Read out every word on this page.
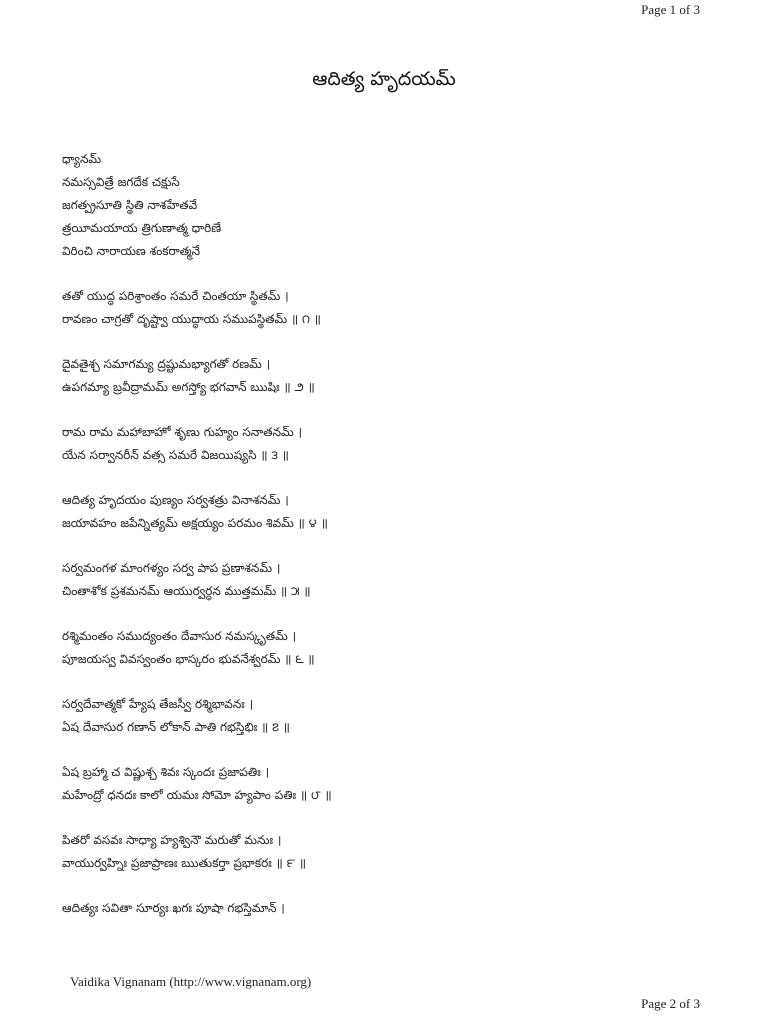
Page 1 of 3
ఆదిత్య హృదయమ్
ధ్యానమ్
నమస్సవిత్రే జగదేక చక్షుసే
జగత్ప్రసూతి స్థితి నాశహేతవే
త్రయీమయాయ త్రిగుణాత్మ ధారిణే
విరించి నారాయణ శంకరాత్మనే
తతో యుద్ధ పరిశ్రాంతం సమరే చింతయా స్థితమ్ ।
రావణం చాగ్రతో దృష్ట్వా యుద్ధాయ సముపస్థితమ్ ॥ ౧ ॥
దైవతైశ్చ సమాగమ్య ద్రష్టుమభ్యాగతో రణమ్ ।
ఉపగమ్యా బ్రవీద్రామమ్ అగస్త్యో భగవాన్ ఋషిః ॥ ౨ ॥
రామ రామ మహాబాహో శృణు గుహ్యం సనాతనమ్ ।
యేన సర్వానరీన్ వత్స సమరే విజయిష్యసి ॥ ౩ ॥
ఆదిత్య హృదయం పుణ్యం సర్వశత్రు వినాశనమ్ ।
జయావహం జపేన్నిత్యమ్ అక్షయ్యం పరమం శివమ్ ॥ ౪ ॥
సర్వమంగళ మాంగళ్యం సర్వ పాప ప్రణాశనమ్ ।
చింతాశోక ప్రశమనమ్ ఆయుర్వర్ధన ముత్తమమ్ ॥ ౫ ॥
రశ్మిమంతం సముద్యంతం దేవాసుర నమస్కృతమ్ ।
పూజయస్వ వివస్వంతం భాస్కరం భువనేశ్వరమ్ ॥ ౬ ॥
సర్వదేవాత్మకో హ్యేష తేజస్వీ రశ్మిభావనః ।
ఏష దేవాసుర గణాన్ లోకాన్ పాతి గభస్తిభిః ॥ ౭ ॥
ఏష బ్రహ్మా చ విష్ణుశ్చ శివః స్కందః ప్రజాపతిః ।
మహేంద్రో ధనదః కాలో యమః సోమో హ్యపాం పతిః ॥ ౮ ॥
పితరో వసవః సాధ్యా హ్యశ్వినౌ మరుతో మనుః ।
వాయుర్వహ్నిః ప్రజాప్రాణః ఋతుకర్తా ప్రభాకరః ॥ ౯ ॥
ఆదిత్యః సవితా సూర్యః ఖగః పూషా గభస్తిమాన్ ।
Vaidika Vignanam (http://www.vignanam.org)
Page 2 of 3
